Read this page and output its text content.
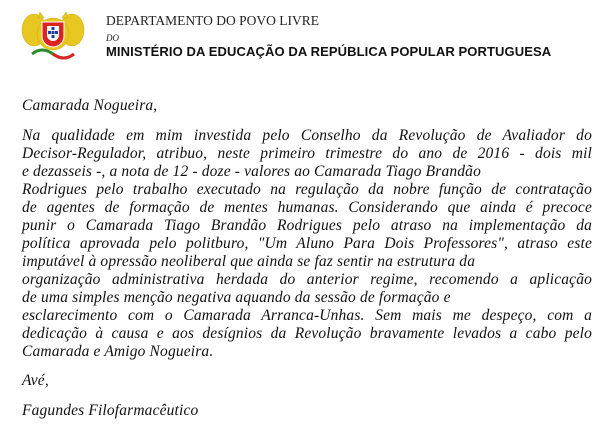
DEPARTAMENTO DO POVO LIVRE
DO
MINISTÉRIO DA EDUCAÇÃO DA REPÚBLICA POPULAR PORTUGUESA
Camarada Nogueira,
Na qualidade em mim investida pelo Conselho da Revolução de Avaliador do
Decisor-Regulador, atribuo, neste primeiro trimestre do ano de 2016 - dois mil
e dezasseis -, a nota de 12 - doze - valores ao Camarada Tiago Brandão
Rodrigues pelo trabalho executado na regulação da nobre função de contratação
de agentes de formação de mentes humanas. Considerando que ainda é precoce
punir o Camarada Tiago Brandão Rodrigues pelo atraso na implementação da
política aprovada pelo politburo, "Um Aluno Para Dois Professores", atraso este
imputável à opressão neoliberal que ainda se faz sentir na estrutura da
organização administrativa herdada do anterior regime, recomendo a aplicação
de uma simples menção negativa aquando da sessão de formação e
esclarecimento com o Camarada Arranca-Unhas. Sem mais me despeço, com a
dedicação à causa e aos desígnios da Revolução bravamente levados a cabo pelo
Camarada e Amigo Nogueira.
Avé,
Fagundes Filofarmacêutico
